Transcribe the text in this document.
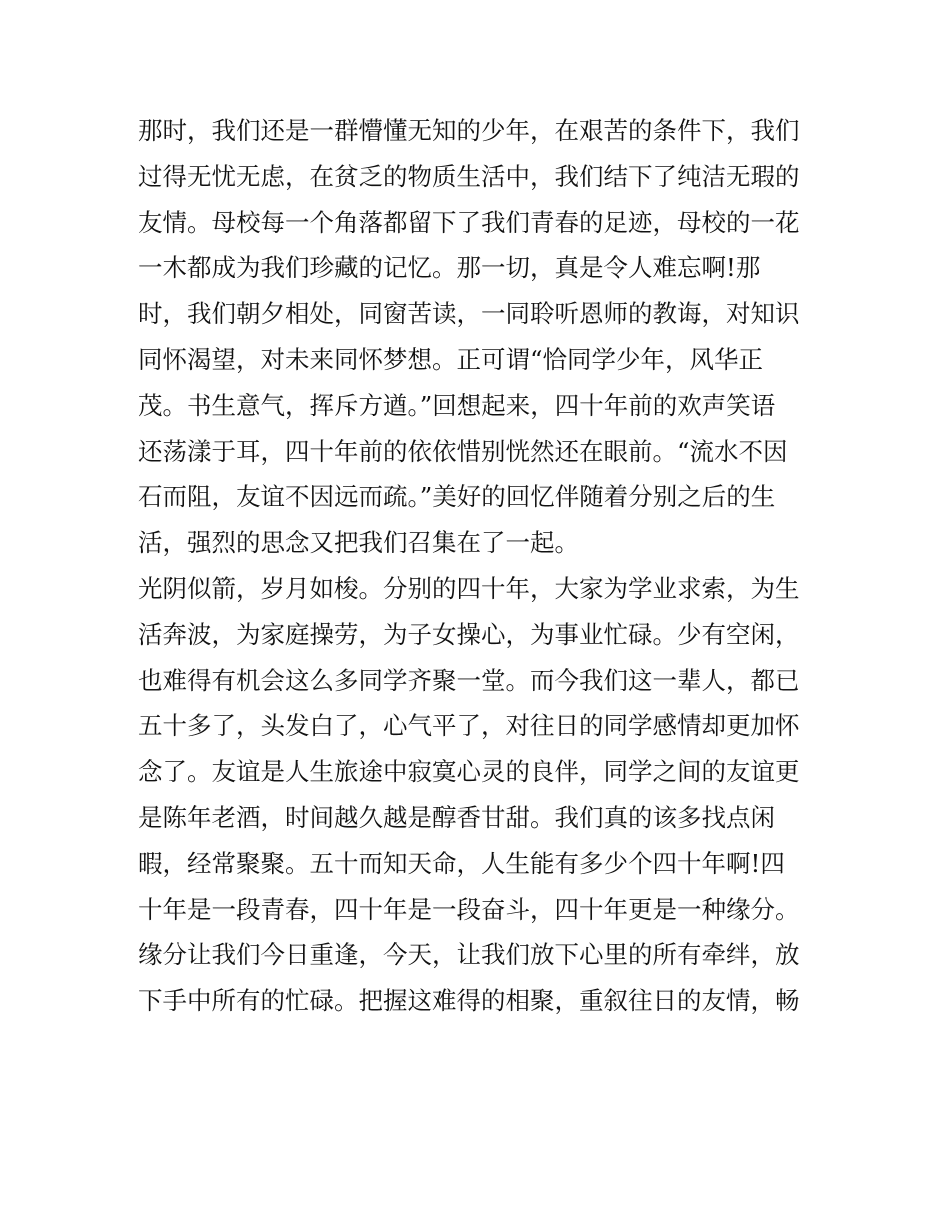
那时，我们还是一群懵懂无知的少年，在艰苦的条件下，我们
过得无忧无虑，在贫乏的物质生活中，我们结下了纯洁无瑕的
友情。母校每一个角落都留下了我们青春的足迹，母校的一花
一木都成为我们珍藏的记忆。那一切，真是令人难忘啊!那
时，我们朝夕相处，同窗苦读，一同聆听恩师的教诲，对知识
同怀渴望，对未来同怀梦想。正可谓“恰同学少年，风华正
茂。书生意气，挥斥方遒。”回想起来，四十年前的欢声笑语
还荡漾于耳，四十年前的依依惜别恍然还在眼前。“流水不因
石而阻，友谊不因远而疏。”美好的回忆伴随着分别之后的生
活，强烈的思念又把我们召集在了一起。
光阴似箭，岁月如梭。分别的四十年，大家为学业求索，为生
活奔波，为家庭操劳，为子女操心，为事业忙碌。少有空闲，
也难得有机会这么多同学齐聚一堂。而今我们这一辈人，都已
五十多了，头发白了，心气平了，对往日的同学感情却更加怀
念了。友谊是人生旅途中寂寞心灵的良伴，同学之间的友谊更
是陈年老酒，时间越久越是醇香甘甜。我们真的该多找点闲
暇，经常聚聚。五十而知天命，人生能有多少个四十年啊!四
十年是一段青春，四十年是一段奋斗，四十年更是一种缘分。
缘分让我们今日重逢，今天，让我们放下心里的所有牵绊，放
下手中所有的忙碌。把握这难得的相聚，重叙往日的友情，畅
